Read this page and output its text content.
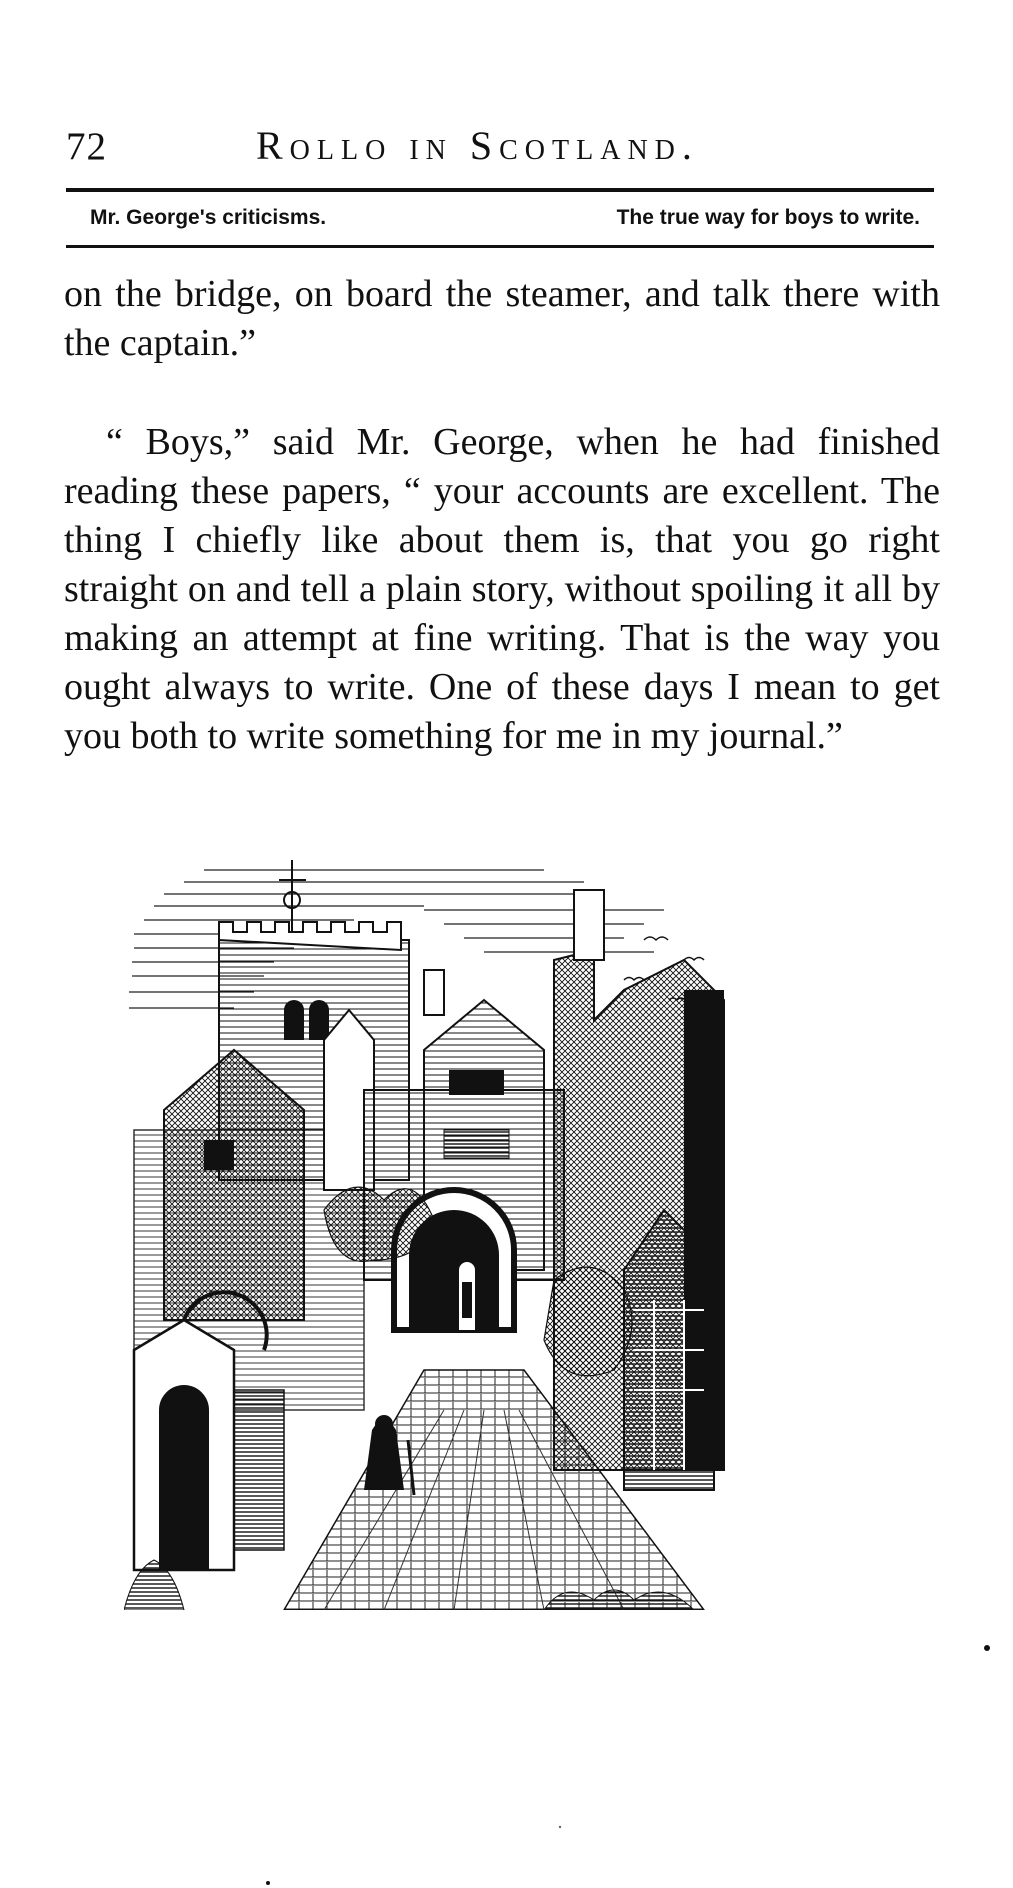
72	Rollo in Scotland.
Mr. George's criticisms.	The true way for boys to write.

on the bridge, on board the steamer, and talk there with the captain.”

“ Boys,” said Mr. George, when he had finished reading these papers, “ your accounts are excellent. The thing I chiefly like about them is, that you go right straight on and tell a plain story, without spoiling it all by making an attempt at fine writing. That is the way you ought always to write. One of these days I mean to get you both to write something for me in my journal.”
